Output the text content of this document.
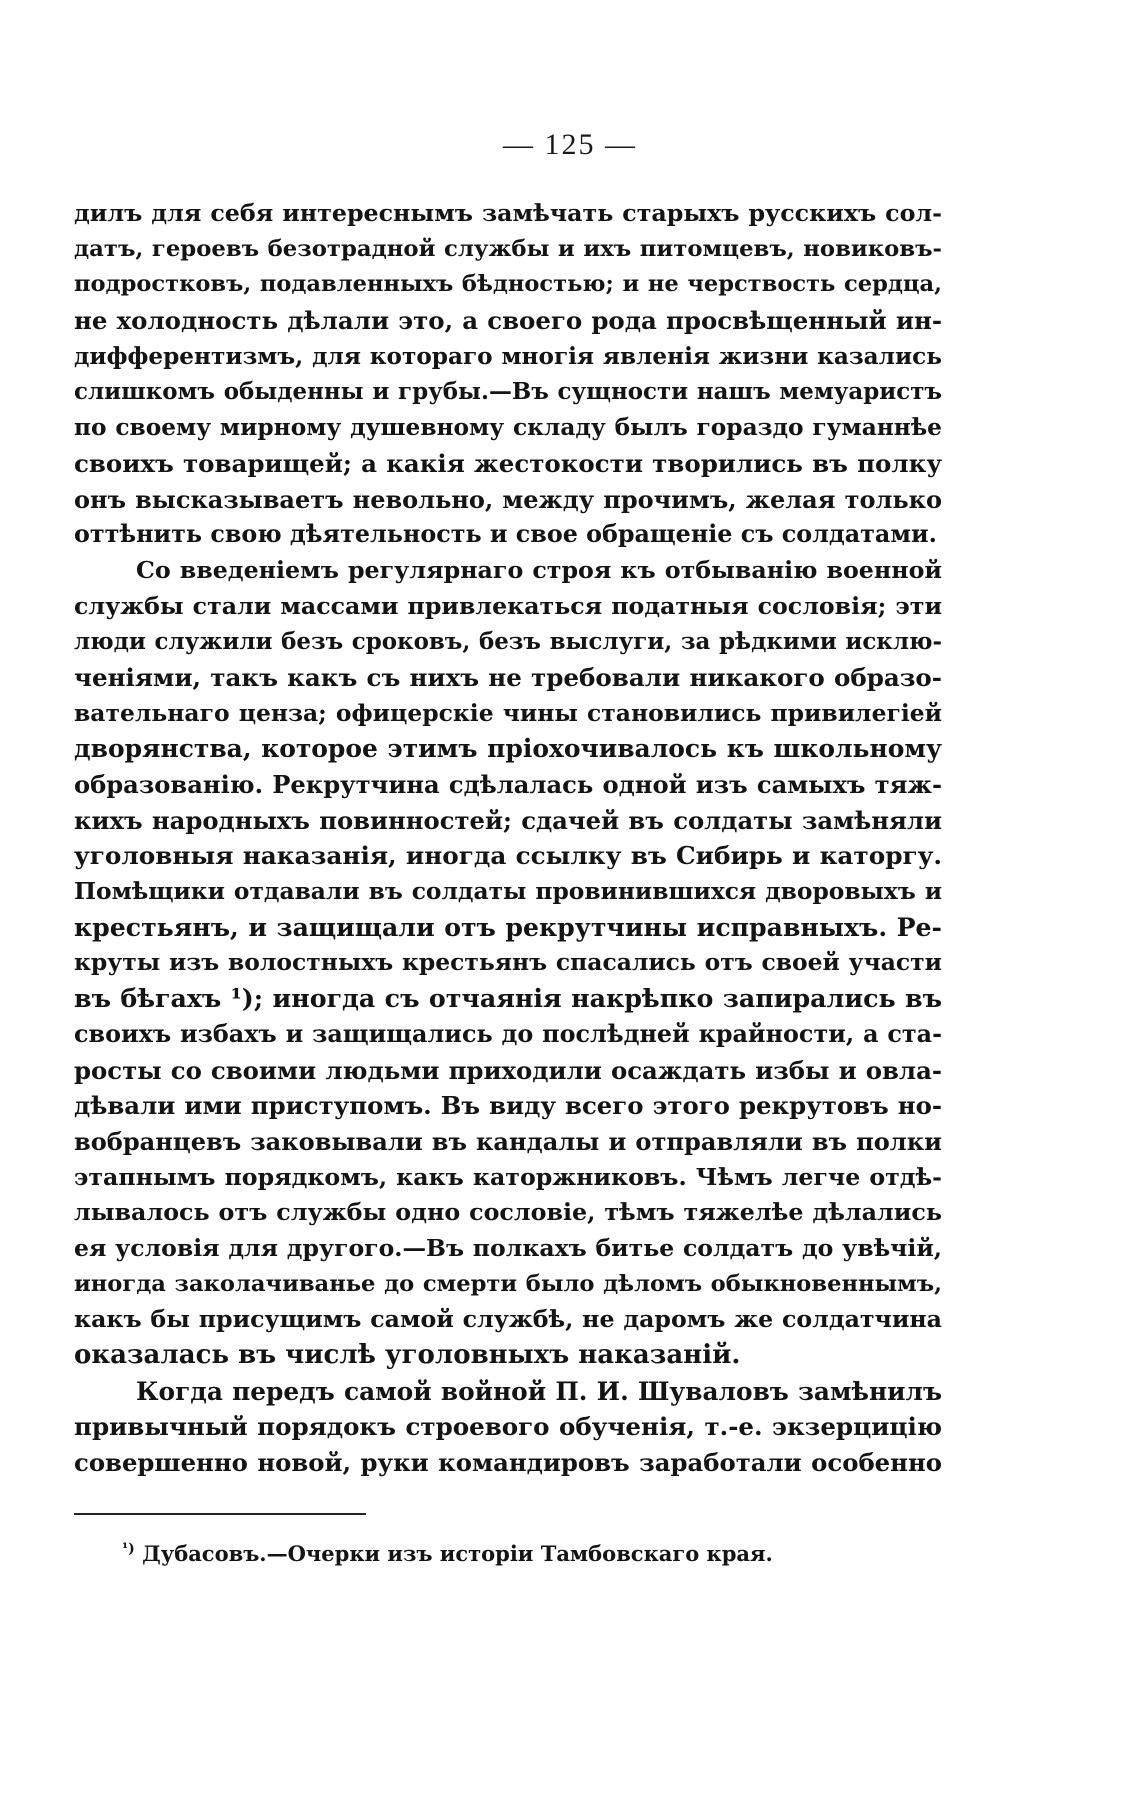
— 125 —
дилъ для себя интереснымъ замѣчать старыхъ русскихъ сол-
датъ, героевъ безотрадной службы и ихъ питомцевъ, новиковъ-
подростковъ, подавленныхъ бѣдностью; и не черствость сердца,
не холодность дѣлали это, а своего рода просвѣщенный ин-
дифферентизмъ, для котораго многія явленія жизни казались
слишкомъ обыденны и грубы.—Въ сущности нашъ мемуаристъ
по своему мирному душевному складу былъ гораздо гуманнѣе
своихъ товарищей; а какія жестокости творились въ полку
онъ высказываетъ невольно, между прочимъ, желая только
оттѣнить свою дѣятельность и свое обращеніе съ солдатами.
Со введеніемъ регулярнаго строя къ отбыванію военной
службы стали массами привлекаться податныя сословія; эти
люди служили безъ сроковъ, безъ выслуги, за рѣдкими исклю-
ченіями, такъ какъ съ нихъ не требовали никакого образо-
вательнаго ценза; офицерскіе чины становились привилегіей
дворянства, которое этимъ пріохочивалось къ школьному
образованію. Рекрутчина сдѣлалась одной изъ самыхъ тяж-
кихъ народныхъ повинностей; сдачей въ солдаты замѣняли
уголовныя наказанія, иногда ссылку въ Сибирь и каторгу.
Помѣщики отдавали въ солдаты провинившихся дворовыхъ и
крестьянъ, и защищали отъ рекрутчины исправныхъ. Ре-
круты изъ волостныхъ крестьянъ спасались отъ своей участи
въ бѣгахъ ¹); иногда съ отчаянія накрѣпко запирались въ
своихъ избахъ и защищались до послѣдней крайности, а ста-
росты со своими людьми приходили осаждать избы и овла-
дѣвали ими приступомъ. Въ виду всего этого рекрутовъ но-
вобранцевъ заковывали въ кандалы и отправляли въ полки
этапнымъ порядкомъ, какъ каторжниковъ. Чѣмъ легче отдѣ-
лывалось отъ службы одно сословіе, тѣмъ тяжелѣе дѣлались
ея условія для другого.—Въ полкахъ битье солдатъ до увѣчій,
иногда заколачиванье до смерти было дѣломъ обыкновеннымъ,
какъ бы присущимъ самой службѣ, не даромъ же солдатчина
оказалась въ числѣ уголовныхъ наказаній.
Когда передъ самой войной П. И. Шуваловъ замѣнилъ
привычный порядокъ строевого обученія, т.-е. экзерцицію
совершенно новой, руки командировъ заработали особенно
$^{^1)}$ Дубасовъ.—Очерки изъ исторіи Тамбовскаго края.
